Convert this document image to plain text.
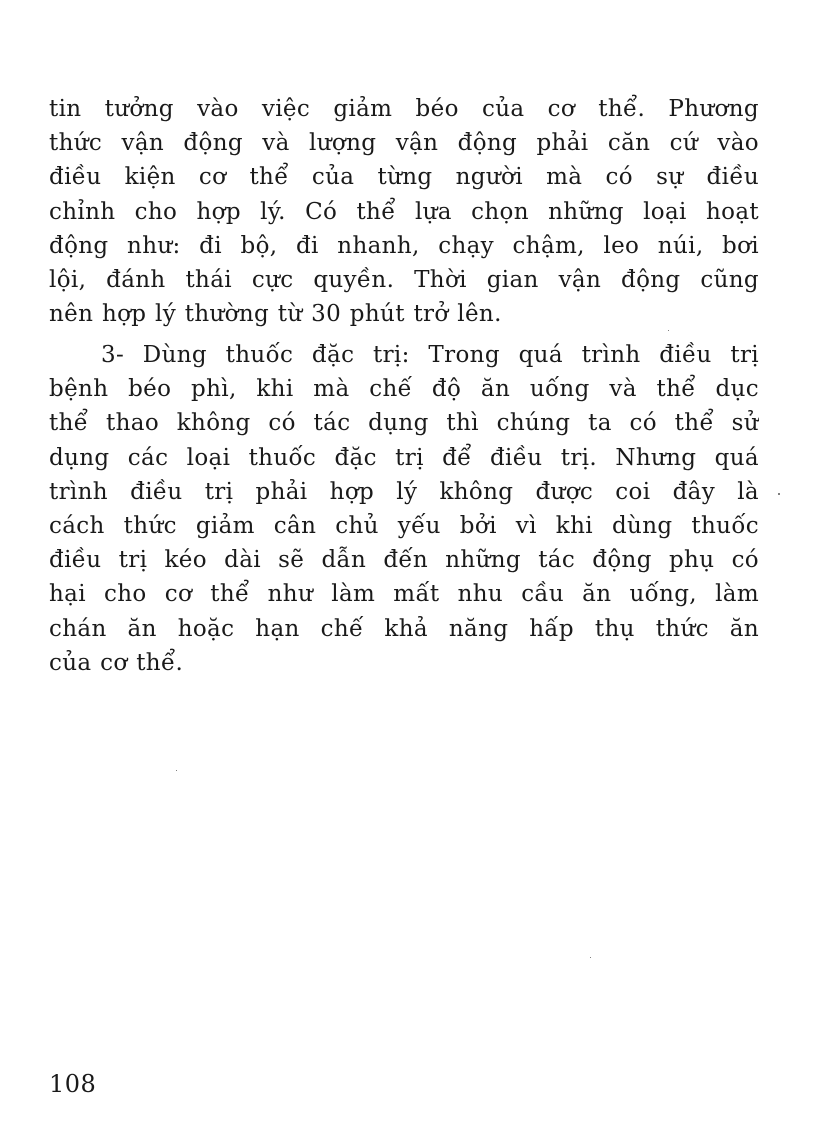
tin tưởng vào việc giảm béo của cơ thể. Phương
thức vận động và lượng vận động phải căn cứ vào
điều kiện cơ thể của từng người mà có sự điều
chỉnh cho hợp lý. Có thể lựa chọn những loại hoạt
động như: đi bộ, đi nhanh, chạy chậm, leo núi, bơi
lội, đánh thái cực quyền. Thời gian vận động cũng
nên hợp lý thường từ 30 phút trở lên.
3- Dùng thuốc đặc trị: Trong quá trình điều trị
bệnh béo phì, khi mà chế độ ăn uống và thể dục
thể thao không có tác dụng thì chúng ta có thể sử
dụng các loại thuốc đặc trị để điều trị. Nhưng quá
trình điều trị phải hợp lý không được coi đây là
cách thức giảm cân chủ yếu bởi vì khi dùng thuốc
điều trị kéo dài sẽ dẫn đến những tác động phụ có
hại cho cơ thể như làm mất nhu cầu ăn uống, làm
chán ăn hoặc hạn chế khả năng hấp thụ thức ăn
của cơ thể.
108
